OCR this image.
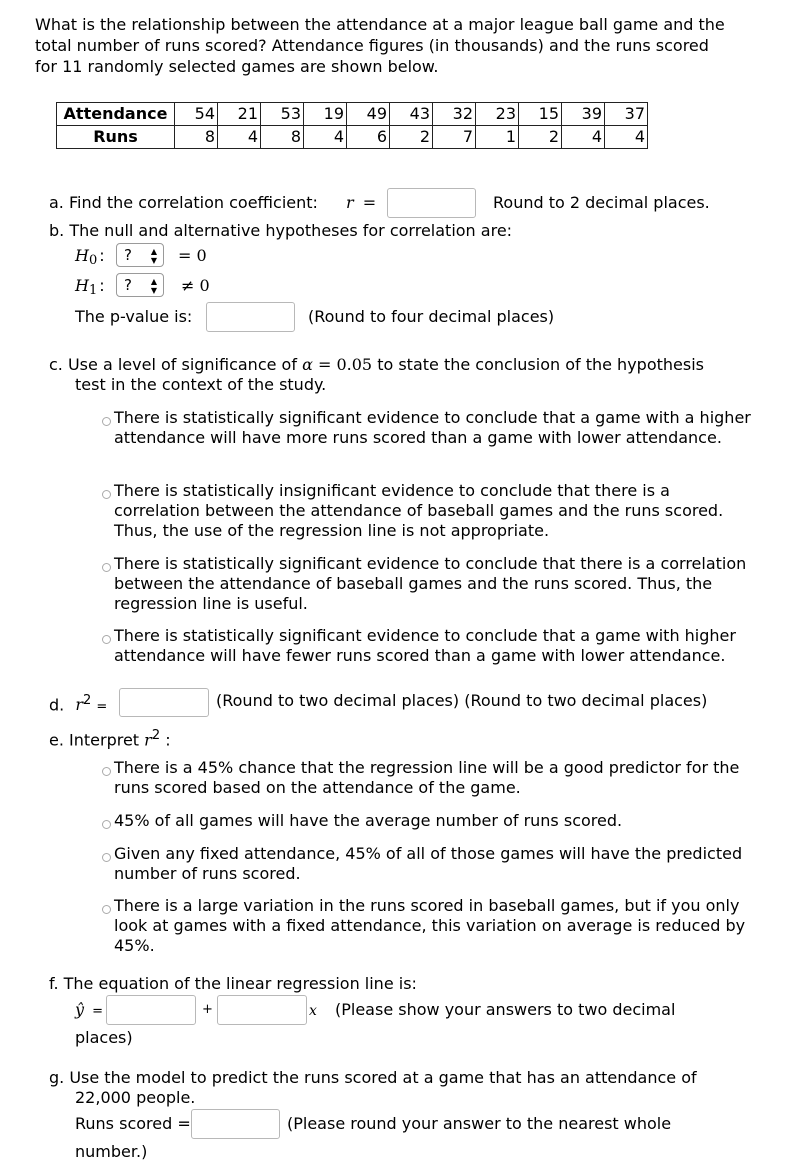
What is the relationship between the attendance at a major league ball game and the
total number of runs scored? Attendance figures (in thousands) and the runs scored
for 11 randomly selected games are shown below.
Attendance	54	21	53	19	49	43	32	23	15	39	37
Runs	8	4	8	4	6	2	7	1	2	4	4
a. Find the correlation coefficient: r =	Round to 2 decimal places.
b. The null and alternative hypotheses for correlation are:
H0 :	? ▲
▼ = 0
H1 :	? ▲
▼ ≠ 0
The p-value is:	(Round to four decimal places)
c. Use a level of significance of α = 0.05 to state the conclusion of the hypothesis
test in the context of the study.
There is statistically significant evidence to conclude that a game with a higher attendance will have more runs scored than a game with lower attendance.
There is statistically insignificant evidence to conclude that there is a correlation between the attendance of baseball games and the runs scored. Thus, the use of the regression line is not appropriate.
There is statistically significant evidence to conclude that there is a correlation between the attendance of baseball games and the runs scored. Thus, the regression line is useful.
There is statistically significant evidence to conclude that a game with higher attendance will have fewer runs scored than a game with lower attendance.
d. $r^2$ =	(Round to two decimal places) (Round to two decimal places)
e. Interpret $r^2$ :
There is a 45% chance that the regression line will be a good predictor for the runs scored based on the attendance of the game.
45% of all games will have the average number of runs scored.
Given any fixed attendance, 45% of all of those games will have the predicted number of runs scored.
There is a large variation in the runs scored in baseball games, but if you only look at games with a fixed attendance, this variation on average is reduced by 45%.
f. The equation of the linear regression line is:
ŷ =	+	x (Please show your answers to two decimal
places)
g. Use the model to predict the runs scored at a game that has an attendance of
22,000 people.
Runs scored =	(Please round your answer to the nearest whole
number.)
